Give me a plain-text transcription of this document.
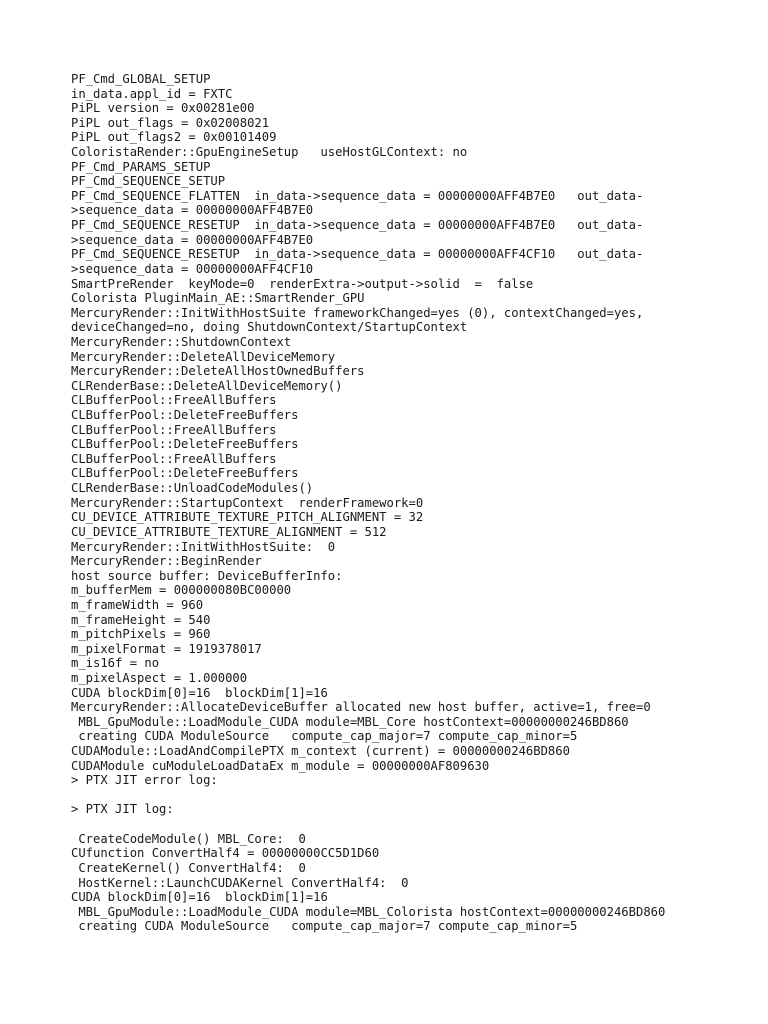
PF_Cmd_GLOBAL_SETUP
in_data.appl_id = FXTC
PiPL version = 0x00281e00
PiPL out_flags = 0x02008021
PiPL out_flags2 = 0x00101409
ColoristaRender::GpuEngineSetup   useHostGLContext: no
PF_Cmd_PARAMS_SETUP
PF_Cmd_SEQUENCE_SETUP
PF_Cmd_SEQUENCE_FLATTEN  in_data->sequence_data = 00000000AFF4B7E0   out_data-
>sequence_data = 00000000AFF4B7E0
PF_Cmd_SEQUENCE_RESETUP  in_data->sequence_data = 00000000AFF4B7E0   out_data-
>sequence_data = 00000000AFF4B7E0
PF_Cmd_SEQUENCE_RESETUP  in_data->sequence_data = 00000000AFF4CF10   out_data-
>sequence_data = 00000000AFF4CF10
SmartPreRender  keyMode=0  renderExtra->output->solid  =  false
Colorista PluginMain_AE::SmartRender_GPU
MercuryRender::InitWithHostSuite frameworkChanged=yes (0), contextChanged=yes,
deviceChanged=no, doing ShutdownContext/StartupContext
MercuryRender::ShutdownContext
MercuryRender::DeleteAllDeviceMemory
MercuryRender::DeleteAllHostOwnedBuffers
CLRenderBase::DeleteAllDeviceMemory()
CLBufferPool::FreeAllBuffers
CLBufferPool::DeleteFreeBuffers
CLBufferPool::FreeAllBuffers
CLBufferPool::DeleteFreeBuffers
CLBufferPool::FreeAllBuffers
CLBufferPool::DeleteFreeBuffers
CLRenderBase::UnloadCodeModules()
MercuryRender::StartupContext  renderFramework=0
CU_DEVICE_ATTRIBUTE_TEXTURE_PITCH_ALIGNMENT = 32
CU_DEVICE_ATTRIBUTE_TEXTURE_ALIGNMENT = 512
MercuryRender::InitWithHostSuite:  0
MercuryRender::BeginRender
host source buffer: DeviceBufferInfo:
m_bufferMem = 000000080BC00000
m_frameWidth = 960
m_frameHeight = 540
m_pitchPixels = 960
m_pixelFormat = 1919378017
m_is16f = no
m_pixelAspect = 1.000000
CUDA blockDim[0]=16  blockDim[1]=16
MercuryRender::AllocateDeviceBuffer allocated new host buffer, active=1, free=0
MBL_GpuModule::LoadModule_CUDA module=MBL_Core hostContext=00000000246BD860
creating CUDA ModuleSource   compute_cap_major=7 compute_cap_minor=5
CUDAModule::LoadAndCompilePTX m_context (current) = 00000000246BD860
CUDAModule cuModuleLoadDataEx m_module = 00000000AF809630
> PTX JIT error log:
> PTX JIT log:
CreateCodeModule() MBL_Core:  0
CUfunction ConvertHalf4 = 00000000CC5D1D60
CreateKernel() ConvertHalf4:  0
HostKernel::LaunchCUDAKernel ConvertHalf4:  0
CUDA blockDim[0]=16  blockDim[1]=16
MBL_GpuModule::LoadModule_CUDA module=MBL_Colorista hostContext=00000000246BD860
creating CUDA ModuleSource   compute_cap_major=7 compute_cap_minor=5
